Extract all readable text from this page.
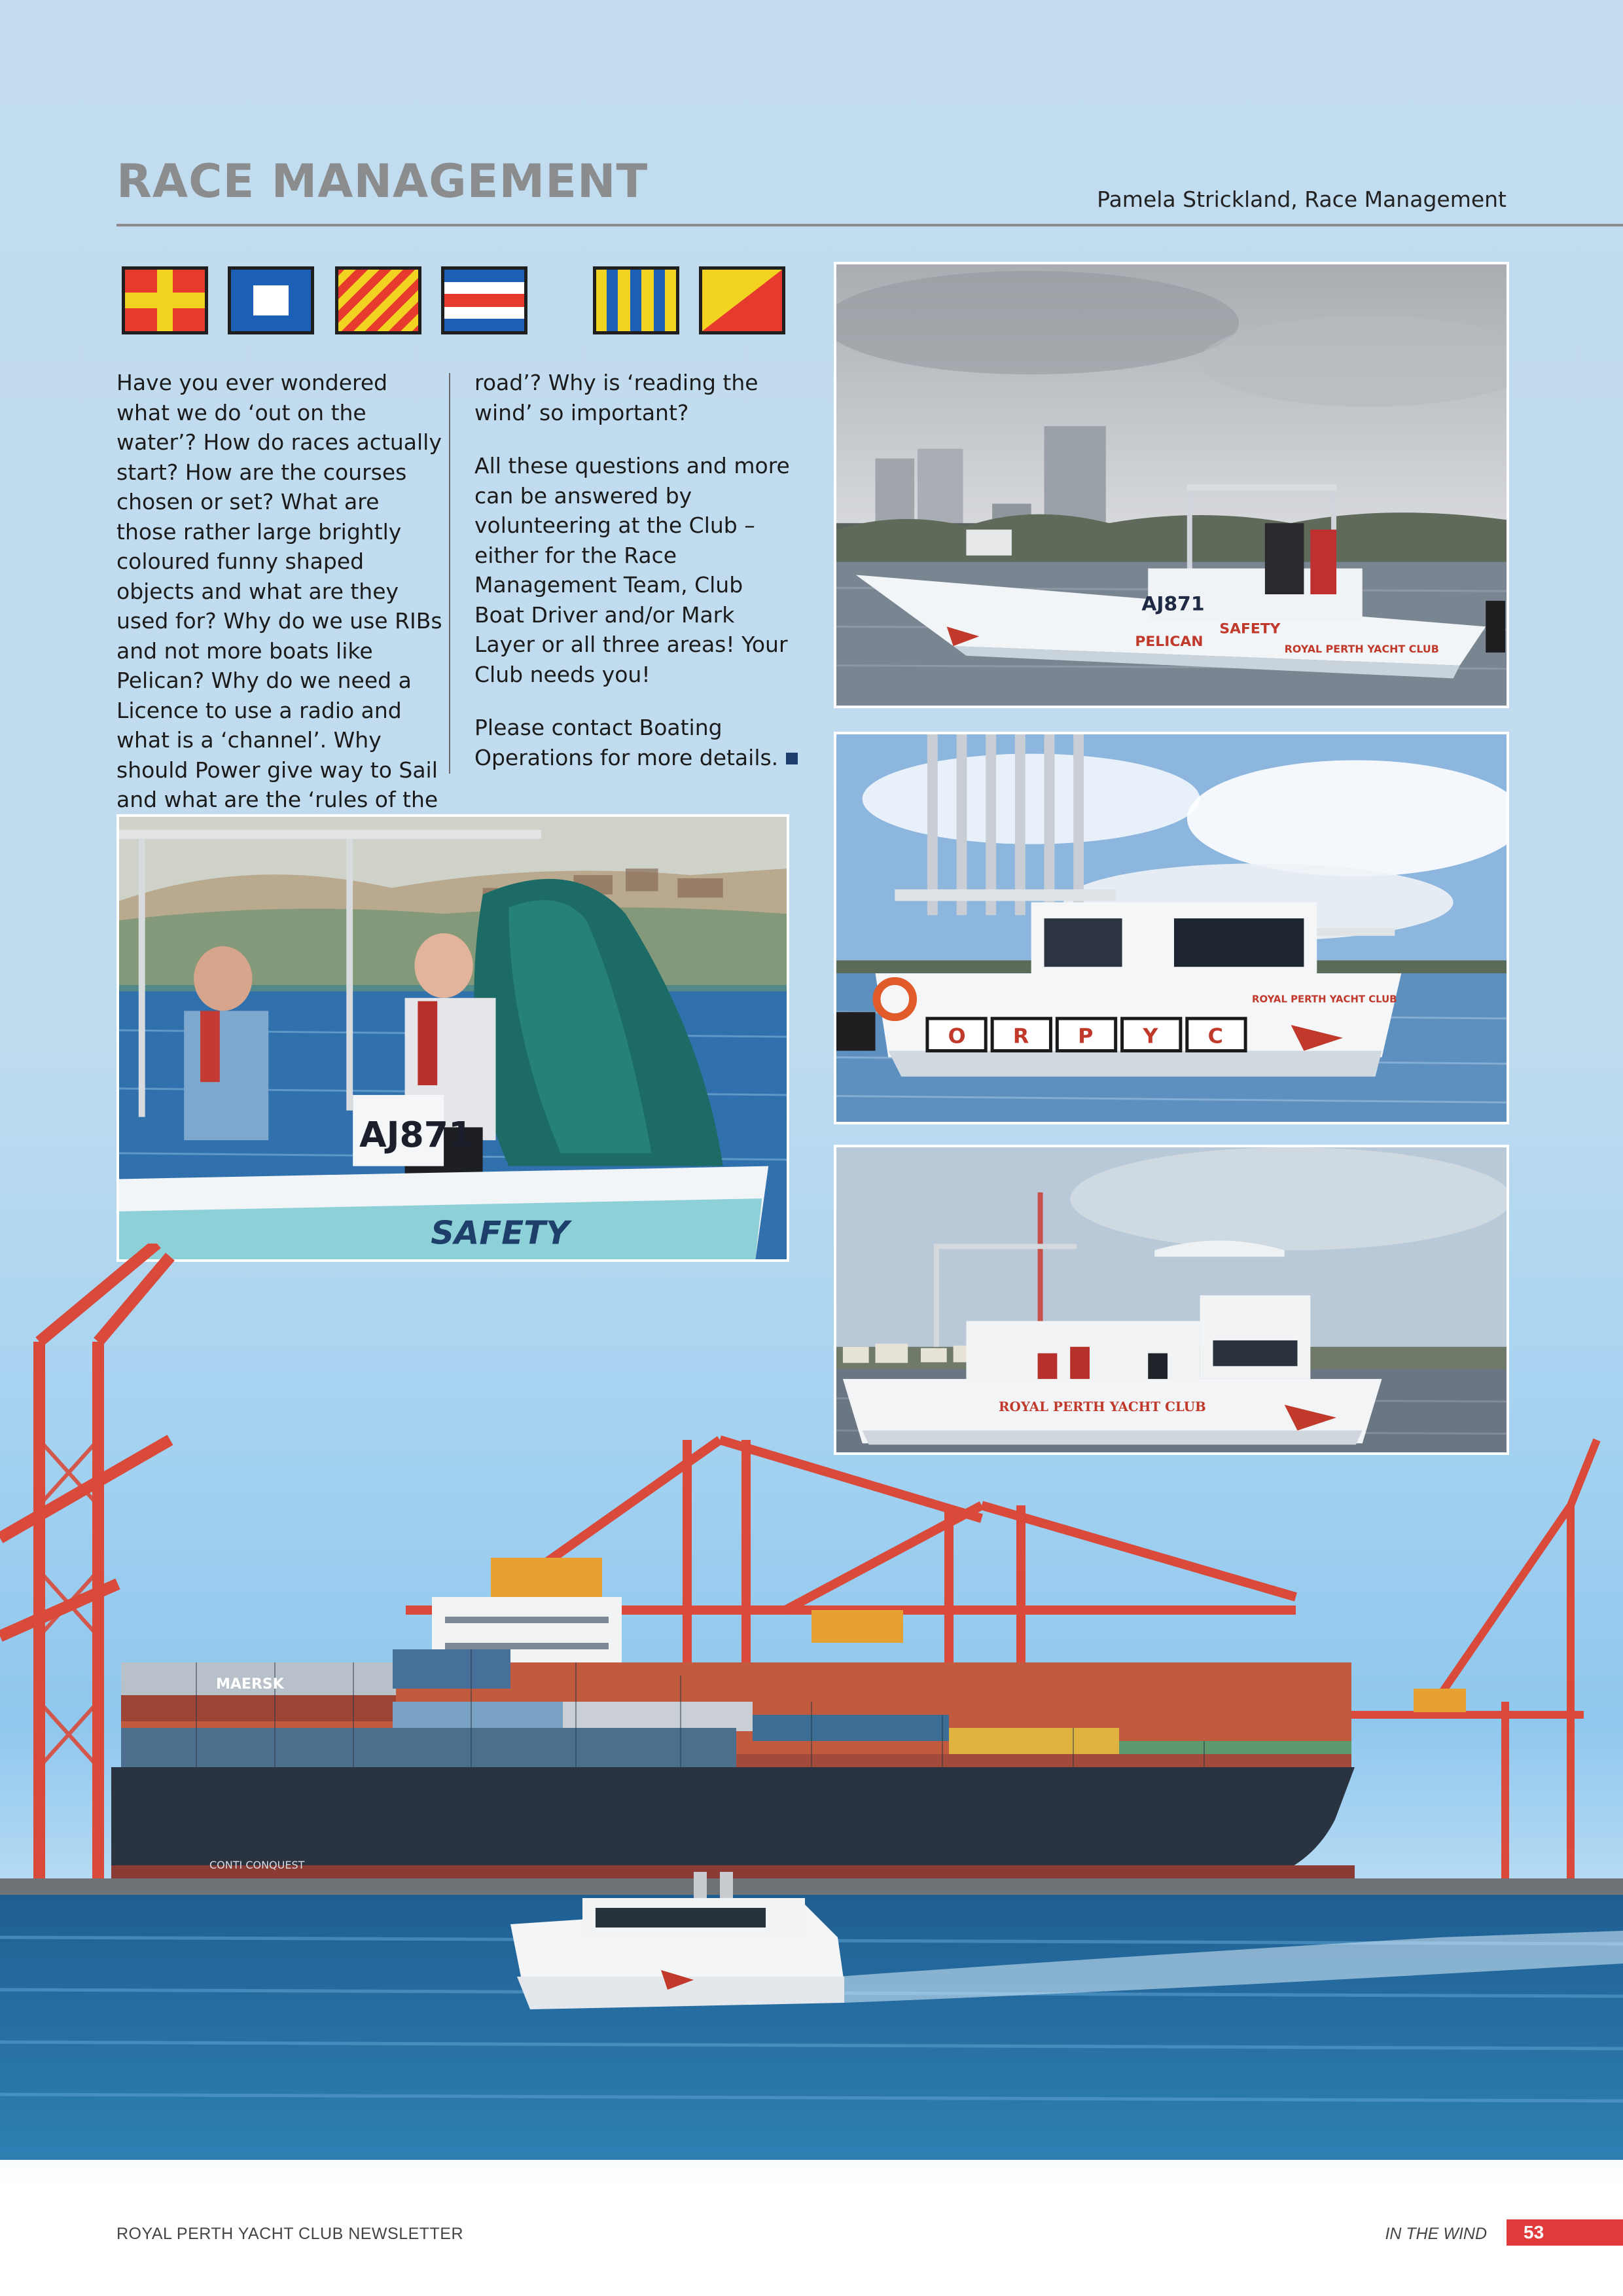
RACE MANAGEMENT	Pamela Strickland, Race Management

Have you ever wondered what we do ‘out on the water’? How do races actually start? How are the courses chosen or set? What are those rather large brightly coloured funny shaped objects and what are they used for? Why do we use RIBs and not more boats like Pelican? Why do we need a Licence to use a radio and what is a ‘channel’. Why should Power give way to Sail and what are the ‘rules of the

road’? Why is ‘reading the wind’ so important?

All these questions and more can be answered by volunteering at the Club – either for the Race Management Team, Club Boat Driver and/or Mark Layer or all three areas! Your Club needs you!

Please contact Boating Operations for more details.

AJ871
SAFETY
PELICAN	ROYAL PERTH YACHT CLUB
AJ871
SAFETY
O R P Y C
ROYAL PERTH YACHT CLUB
ROYAL PERTH YACHT CLUB
MAERSK
CONTI CONQUEST
ROYAL PERTH YACHT CLUB NEWSLETTER	IN THE WIND	53
